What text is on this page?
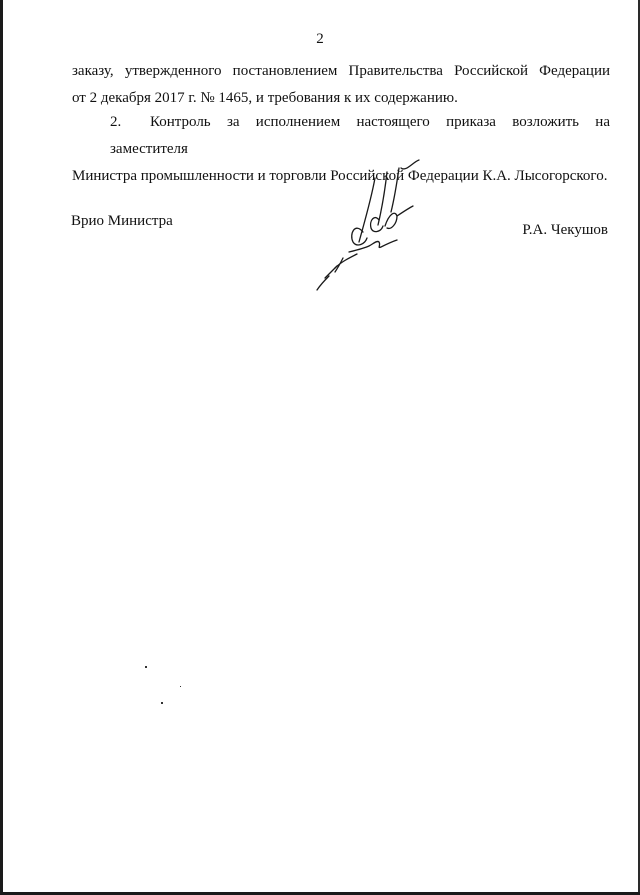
2
заказу, утвержденного постановлением Правительства Российской Федерации
от 2 декабря 2017 г. № 1465, и требования к их содержанию.
2. Контроль за исполнением настоящего приказа возложить на заместителя
Министра промышленности и торговли Российской Федерации К.А. Лысогорского.
Врио Министра
Р.А. Чекушов
